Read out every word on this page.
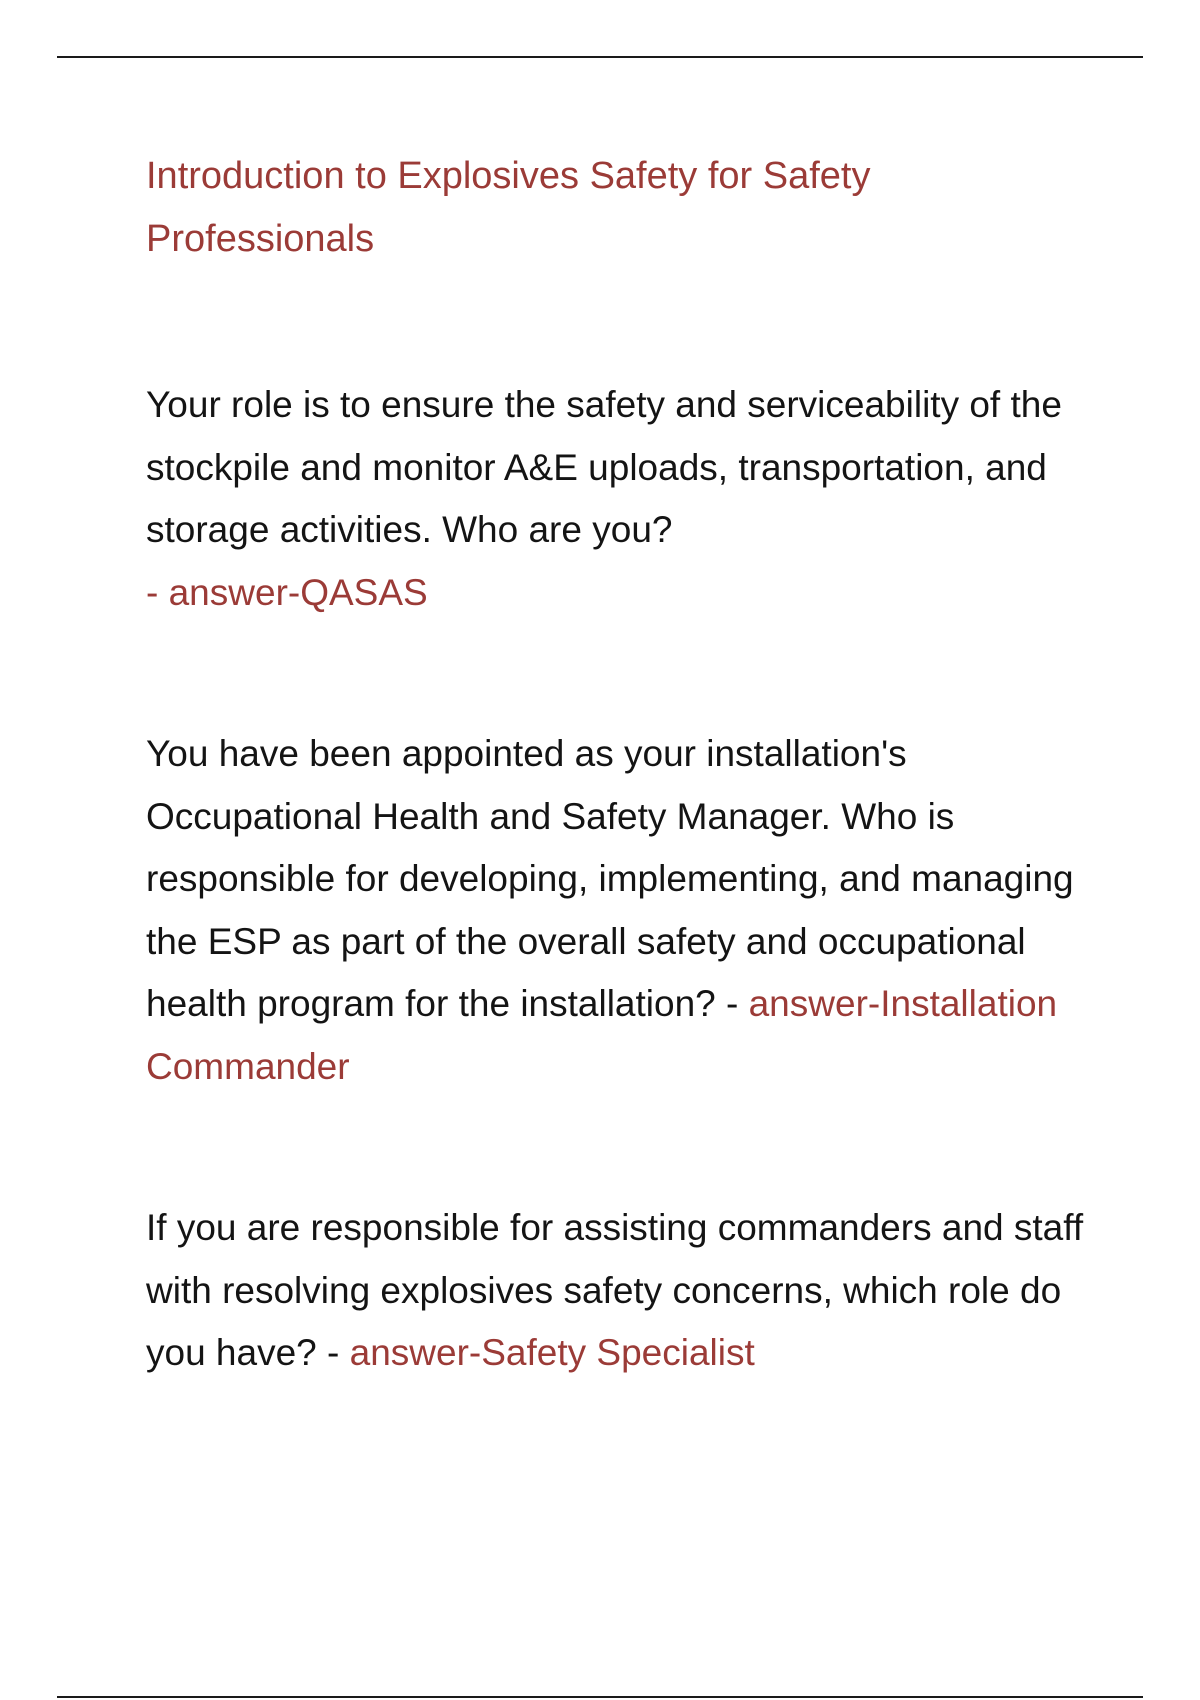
Introduction to Explosives Safety for Safety Professionals

Your role is to ensure the safety and serviceability of the stockpile and monitor A&E uploads, transportation, and storage activities. Who are you?
- answer-QASAS

You have been appointed as your installation's Occupational Health and Safety Manager. Who is responsible for developing, implementing, and managing the ESP as part of the overall safety and occupational health program for the installation? - answer-Installation Commander

If you are responsible for assisting commanders and staff with resolving explosives safety concerns, which role do you have? - answer-Safety Specialist
